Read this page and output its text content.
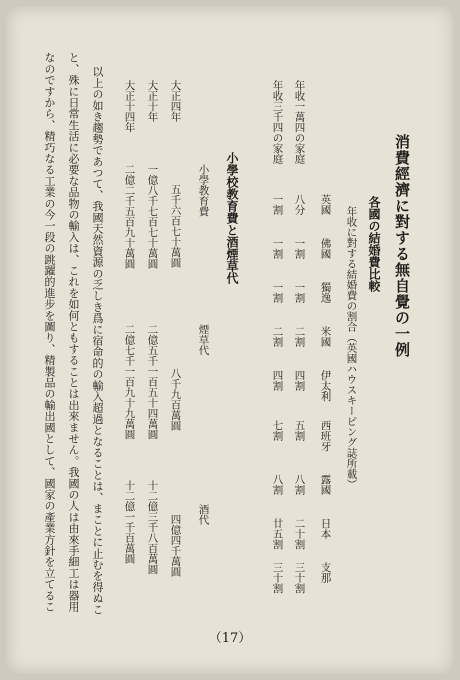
消費經濟に對する無自覺の一例
各國の結婚費比較
年收に對する結婚費の割合（英國ハウスキーピング誌所載）
年收一萬四の家庭
年收三千四の家庭
英國
佛國
獨逸
米國
伊太利
西班牙
露國
日本
支那
八分
一割
一割
二割
四割
五割
八割
二十割
三十割
一割
一割
一割
二割
四割
七割
八割
廿五割
三十割
小學校教育費と酒煙草代
小學教育費
煙草代
酒代
大正四年
五千六百七十萬圓
八千九百萬圓
四億四千萬圓
大正十年
一億八千七百七十萬圓
二億五千一百五十四萬圓
十二億三千八百萬圓
大正十四年
二億二千五百九十萬圓
二億七千一百九十九萬圓
十二億一千百萬圓
以上の如き趨勢であつて、我國天然資源の乏しき爲に宿命的の輸入超過となることは、まことに止むを得ぬこ
と、殊に日常生活に必要な品物の輸入は、これを如何ともすることは出來ません。我國の人は由來手細工は器用
なのですから、精巧なる工業の今一段の跳躍的進步を圖り、精製品の輸出國として、國家の產業方針を立てるこ
（17）
